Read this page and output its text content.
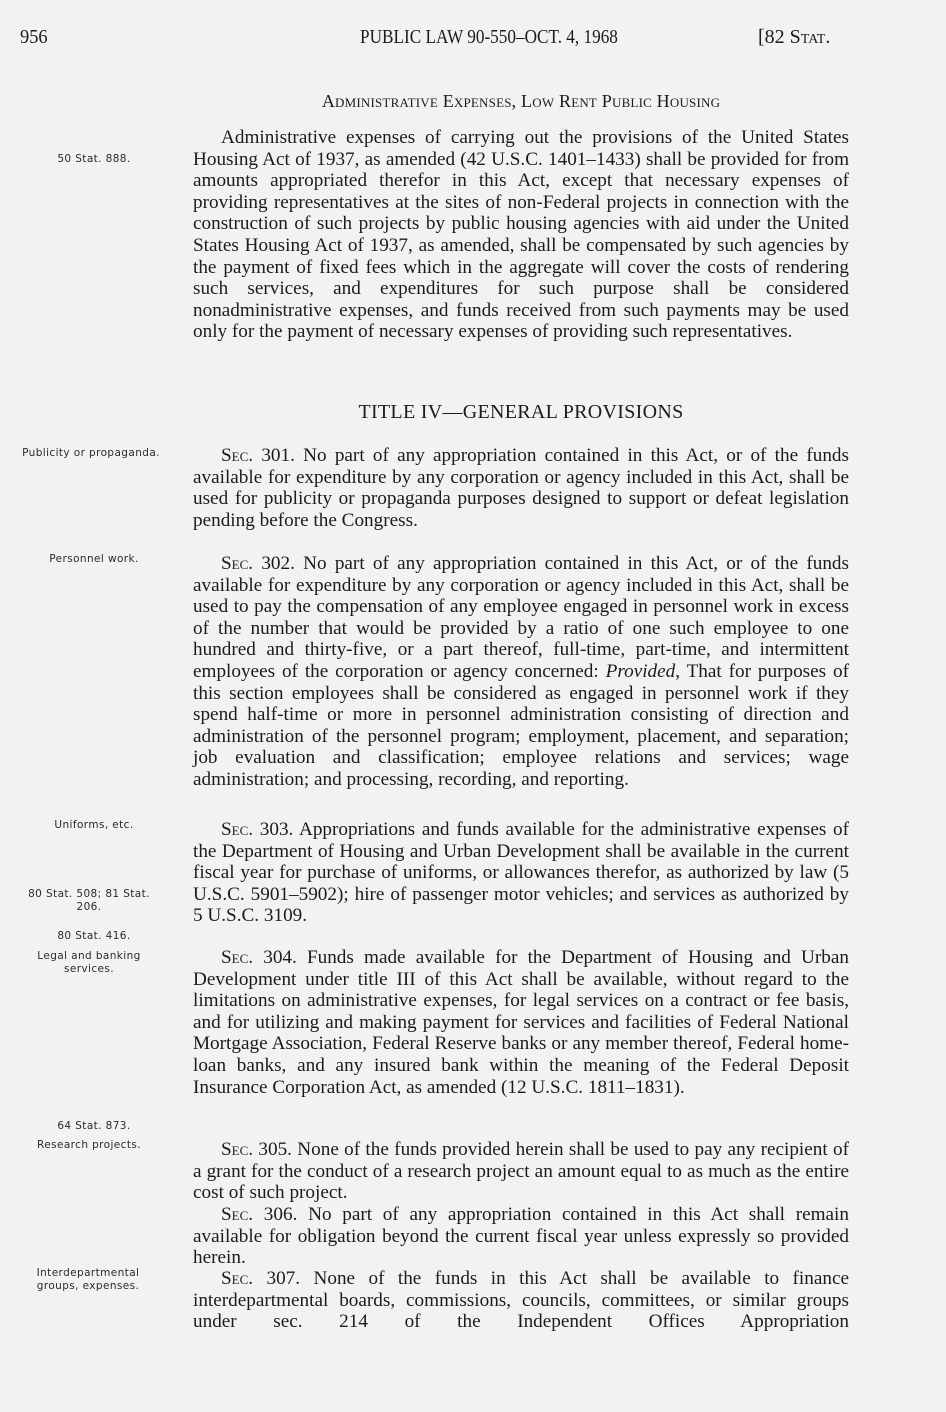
956	PUBLIC LAW 90-550–OCT. 4, 1968	[82 Stat.
Administrative Expenses, Low Rent Public Housing

Administrative expenses of carrying out the provisions of the United States Housing Act of 1937, as amended (42 U.S.C. 1401–1433) shall be provided for from amounts appropriated therefor in this Act, except that necessary expenses of providing representatives at the sites of non-Federal projects in connection with the construction of such projects by public housing agencies with aid under the United States Housing Act of 1937, as amended, shall be compensated by such agencies by the payment of fixed fees which in the aggregate will cover the costs of rendering such services, and expenditures for such purpose shall be considered nonadministrative expenses, and funds received from such payments may be used only for the payment of necessary expenses of providing such representatives.

TITLE IV—GENERAL PROVISIONS

Sec. 301. No part of any appropriation contained in this Act, or of the funds available for expenditure by any corporation or agency included in this Act, shall be used for publicity or propaganda purposes designed to support or defeat legislation pending before the Congress.

Sec. 302. No part of any appropriation contained in this Act, or of the funds available for expenditure by any corporation or agency included in this Act, shall be used to pay the compensation of any employee engaged in personnel work in excess of the number that would be provided by a ratio of one such employee to one hundred and thirty-five, or a part thereof, full-time, part-time, and intermittent employees of the corporation or agency concerned: Provided, That for purposes of this section employees shall be considered as engaged in personnel work if they spend half-time or more in personnel administration consisting of direction and administration of the personnel program; employment, placement, and separation; job evaluation and classification; employee relations and services; wage administration; and processing, recording, and reporting.

Sec. 303. Appropriations and funds available for the administrative expenses of the Department of Housing and Urban Development shall be available in the current fiscal year for purchase of uniforms, or allowances therefor, as authorized by law (5 U.S.C. 5901–5902); hire of passenger motor vehicles; and services as authorized by 5 U.S.C. 3109.

Sec. 304. Funds made available for the Department of Housing and Urban Development under title III of this Act shall be available, without regard to the limitations on administrative expenses, for legal services on a contract or fee basis, and for utilizing and making payment for services and facilities of Federal National Mortgage Association, Federal Reserve banks or any member thereof, Federal home-loan banks, and any insured bank within the meaning of the Federal Deposit Insurance Corporation Act, as amended (12 U.S.C. 1811–1831).

Sec. 305. None of the funds provided herein shall be used to pay any recipient of a grant for the conduct of a research project an amount equal to as much as the entire cost of such project.

Sec. 306. No part of any appropriation contained in this Act shall remain available for obligation beyond the current fiscal year unless expressly so provided herein.

Sec. 307. None of the funds in this Act shall be available to finance interdepartmental boards, commissions, councils, committees, or similar groups under sec. 214 of the Independent Offices Appropriation

50 Stat. 888.
Publicity or propaganda.
Personnel work.
Uniforms, etc.
80 Stat. 508; 81 Stat. 206.
80 Stat. 416.
Legal and banking services.
64 Stat. 873.
Research projects.
Interdepartmental groups, expenses.
